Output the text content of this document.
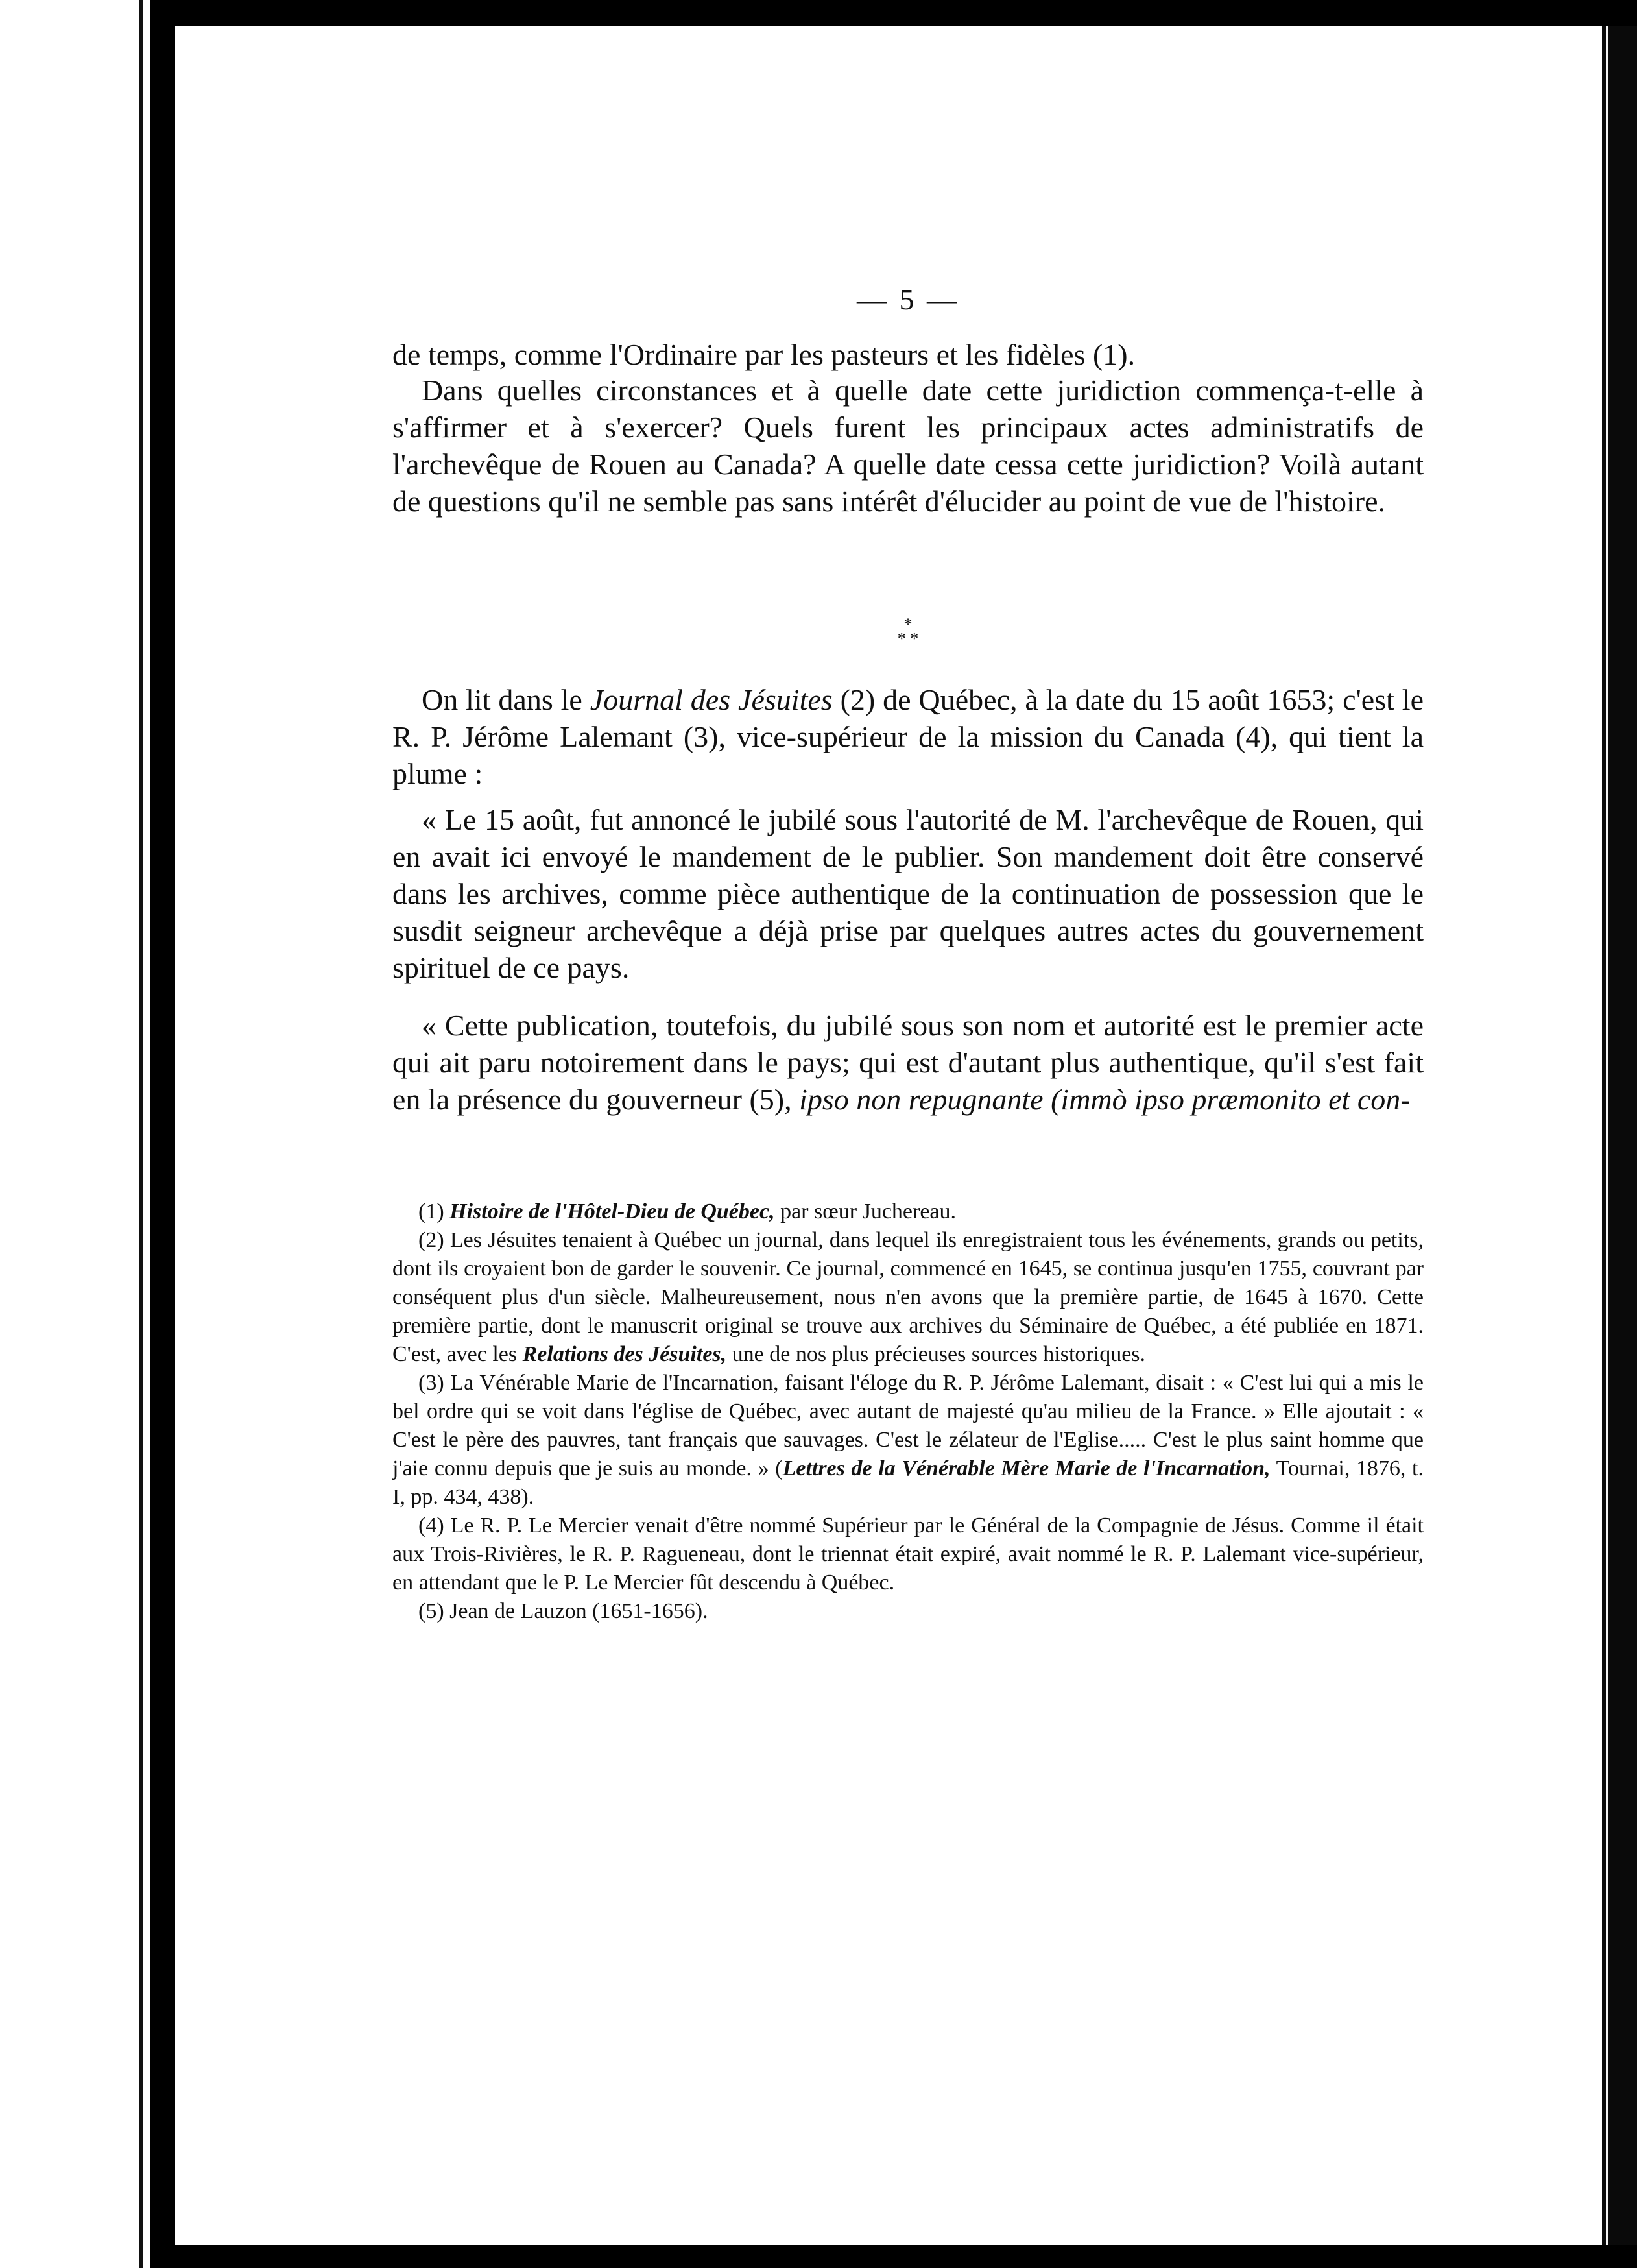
— 5 —

de temps, comme l'Ordinaire par les pasteurs et les fidèles (1).

Dans quelles circonstances et à quelle date cette juridiction commença-t-elle à s'affirmer et à s'exercer? Quels furent les principaux actes administratifs de l'archevêque de Rouen au Canada? A quelle date cessa cette juridiction? Voilà autant de questions qu'il ne semble pas sans intérêt d'élucider au point de vue de l'histoire.

*
* *

On lit dans le Journal des Jésuites (2) de Québec, à la date du 15 août 1653; c'est le R. P. Jérôme Lalemant (3), vice-supérieur de la mission du Canada (4), qui tient la plume :

« Le 15 août, fut annoncé le jubilé sous l'autorité de M. l'archevêque de Rouen, qui en avait ici envoyé le mandement de le publier. Son mandement doit être conservé dans les archives, comme pièce authentique de la continuation de possession que le susdit seigneur archevêque a déjà prise par quelques autres actes du gouvernement spirituel de ce pays.

« Cette publication, toutefois, du jubilé sous son nom et autorité est le premier acte qui ait paru notoirement dans le pays; qui est d'autant plus authentique, qu'il s'est fait en la présence du gouverneur (5), ipso non repugnante (immò ipso præmonito et con-

(1) Histoire de l'Hôtel-Dieu de Québec, par sœur Juchereau.

(2) Les Jésuites tenaient à Québec un journal, dans lequel ils enregistraient tous les événements, grands ou petits, dont ils croyaient bon de garder le souvenir. Ce journal, commencé en 1645, se continua jusqu'en 1755, couvrant par conséquent plus d'un siècle. Malheureusement, nous n'en avons que la première partie, de 1645 à 1670. Cette première partie, dont le manuscrit original se trouve aux archives du Séminaire de Québec, a été publiée en 1871. C'est, avec les Relations des Jésuites, une de nos plus précieuses sources historiques.

(3) La Vénérable Marie de l'Incarnation, faisant l'éloge du R. P. Jérôme Lalemant, disait : « C'est lui qui a mis le bel ordre qui se voit dans l'église de Québec, avec autant de majesté qu'au milieu de la France. » Elle ajoutait : « C'est le père des pauvres, tant français que sauvages. C'est le zélateur de l'Eglise..... C'est le plus saint homme que j'aie connu depuis que je suis au monde. » (Lettres de la Vénérable Mère Marie de l'Incarnation, Tournai, 1876, t. I, pp. 434, 438).

(4) Le R. P. Le Mercier venait d'être nommé Supérieur par le Général de la Compagnie de Jésus. Comme il était aux Trois-Rivières, le R. P. Ragueneau, dont le triennat était expiré, avait nommé le R. P. Lalemant vice-supérieur, en attendant que le P. Le Mercier fût descendu à Québec.

(5) Jean de Lauzon (1651-1656).
